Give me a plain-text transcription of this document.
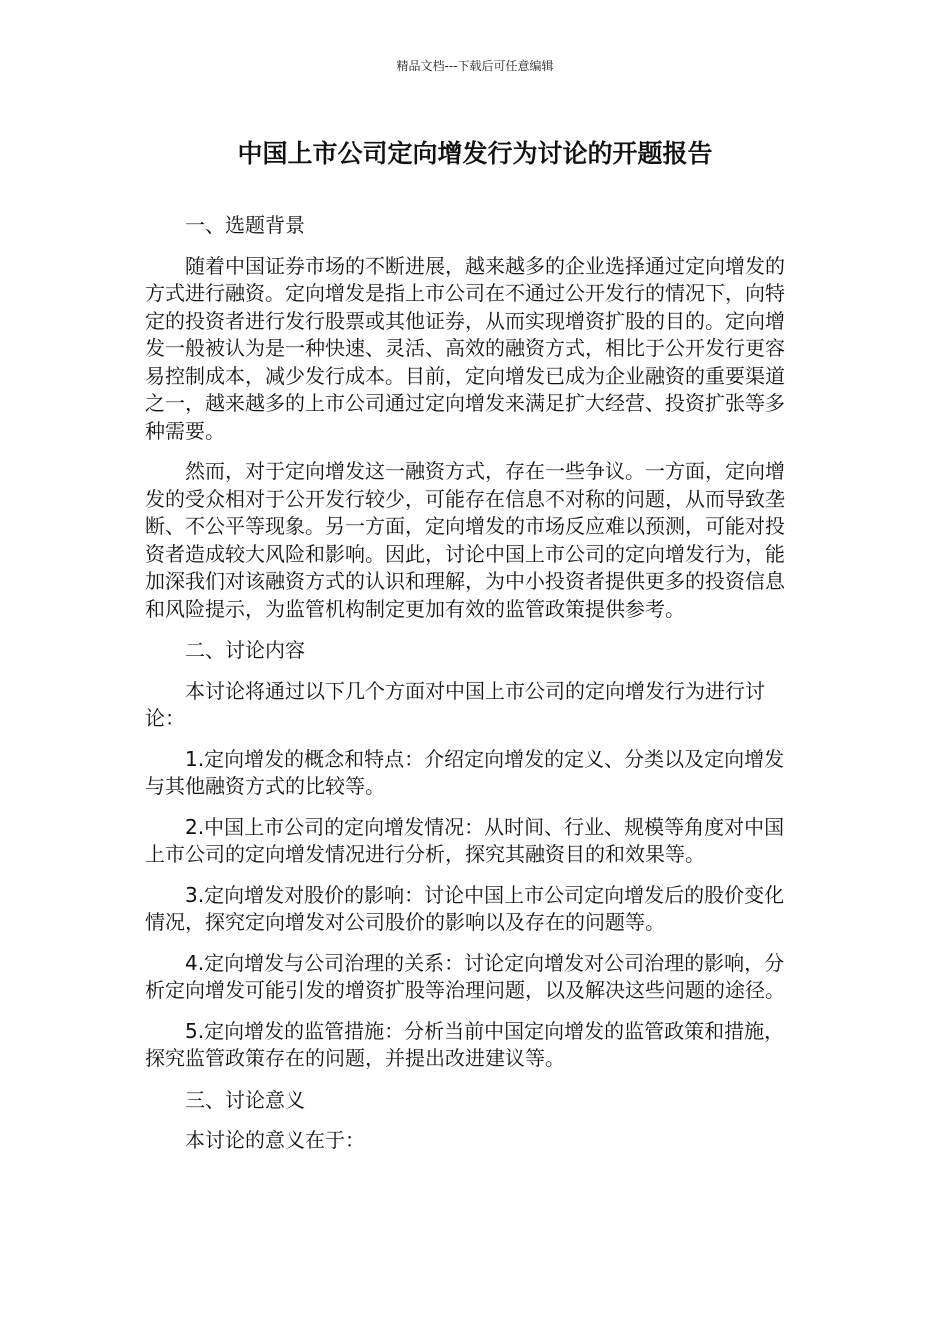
精品文档---下载后可任意编辑
中国上市公司定向增发行为讨论的开题报告

一、选题背景

随着中国证券市场的不断进展，越来越多的企业选择通过定向增发的方式进行融资。定向增发是指上市公司在不通过公开发行的情况下，向特定的投资者进行发行股票或其他证券，从而实现增资扩股的目的。定向增发一般被认为是一种快速、灵活、高效的融资方式，相比于公开发行更容易控制成本，减少发行成本。目前，定向增发已成为企业融资的重要渠道之一，越来越多的上市公司通过定向增发来满足扩大经营、投资扩张等多种需要。

然而，对于定向增发这一融资方式，存在一些争议。一方面，定向增发的受众相对于公开发行较少，可能存在信息不对称的问题，从而导致垄断、不公平等现象。另一方面，定向增发的市场反应难以预测，可能对投资者造成较大风险和影响。因此，讨论中国上市公司的定向增发行为，能加深我们对该融资方式的认识和理解，为中小投资者提供更多的投资信息和风险提示，为监管机构制定更加有效的监管政策提供参考。

二、讨论内容

本讨论将通过以下几个方面对中国上市公司的定向增发行为进行讨论：

1.定向增发的概念和特点：介绍定向增发的定义、分类以及定向增发与其他融资方式的比较等。

2.中国上市公司的定向增发情况：从时间、行业、规模等角度对中国上市公司的定向增发情况进行分析，探究其融资目的和效果等。

3.定向增发对股价的影响：讨论中国上市公司定向增发后的股价变化情况，探究定向增发对公司股价的影响以及存在的问题等。

4.定向增发与公司治理的关系：讨论定向增发对公司治理的影响，分析定向增发可能引发的增资扩股等治理问题，以及解决这些问题的途径。

5.定向增发的监管措施：分析当前中国定向增发的监管政策和措施，探究监管政策存在的问题，并提出改进建议等。

三、讨论意义

本讨论的意义在于：
